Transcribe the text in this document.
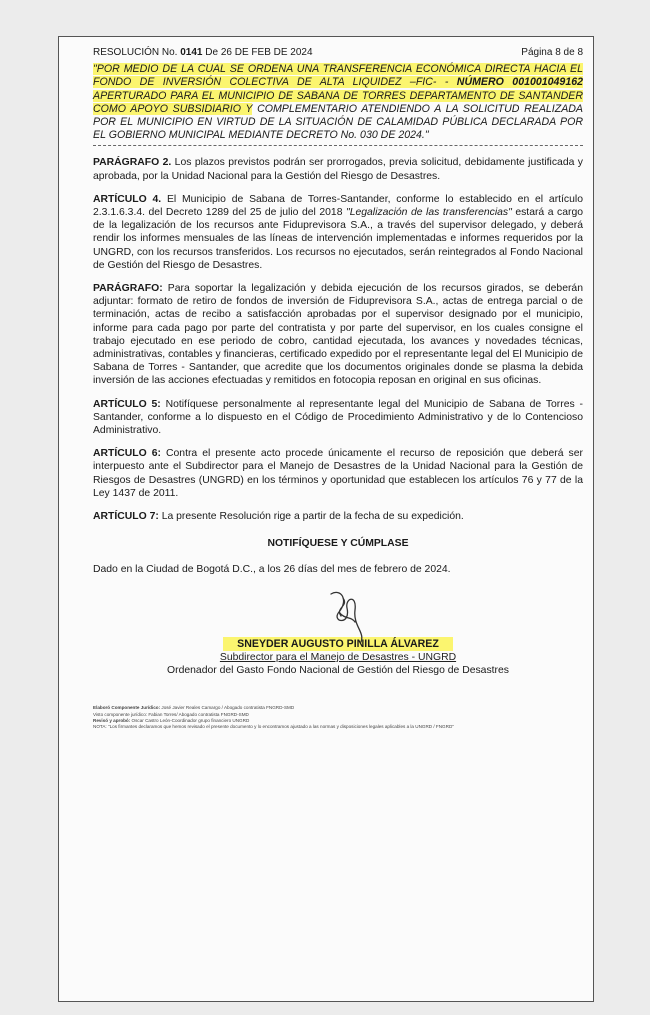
RESOLUCIÓN No. 0141 De 26 DE FEB DE 2024	Página 8 de 8
"POR MEDIO DE LA CUAL SE ORDENA UNA TRANSFERENCIA ECONÓMICA DIRECTA HACIA EL FONDO DE INVERSIÓN COLECTIVA DE ALTA LIQUIDEZ –FIC- - NÚMERO 001001049162 APERTURADO PARA EL MUNICIPIO DE SABANA DE TORRES DEPARTAMENTO DE SANTANDER COMO APOYO SUBSIDIARIO Y COMPLEMENTARIO ATENDIENDO A LA SOLICITUD REALIZADA POR EL MUNICIPIO EN VIRTUD DE LA SITUACIÓN DE CALAMIDAD PÚBLICA DECLARADA POR EL GOBIERNO MUNICIPAL MEDIANTE DECRETO No. 030 DE 2024."

PARÁGRAFO 2. Los plazos previstos podrán ser prorrogados, previa solicitud, debidamente justificada y aprobada, por la Unidad Nacional para la Gestión del Riesgo de Desastres.

ARTÍCULO 4. El Municipio de Sabana de Torres-Santander, conforme lo establecido en el artículo 2.3.1.6.3.4. del Decreto 1289 del 25 de julio del 2018 "Legalización de las transferencias" estará a cargo de la legalización de los recursos ante Fiduprevisora S.A., a través del supervisor delegado, y deberá rendir los informes mensuales de las líneas de intervención implementadas e informes requeridos por la UNGRD, con los recursos transferidos. Los recursos no ejecutados, serán reintegrados al Fondo Nacional de Gestión del Riesgo de Desastres.

PARÁGRAFO: Para soportar la legalización y debida ejecución de los recursos girados, se deberán adjuntar: formato de retiro de fondos de inversión de Fiduprevisora S.A., actas de entrega parcial o de terminación, actas de recibo a satisfacción aprobadas por el supervisor designado por el municipio, informe para cada pago por parte del contratista y por parte del supervisor, en los cuales consigne el trabajo ejecutado en ese periodo de cobro, cantidad ejecutada, los avances y novedades técnicas, administrativas, contables y financieras, certificado expedido por el representante legal del El Municipio de Sabana de Torres - Santander, que acredite que los documentos originales donde se plasma la debida inversión de las acciones efectuadas y remitidos en fotocopia reposan en original en sus oficinas.

ARTÍCULO 5: Notifíquese personalmente al representante legal del Municipio de Sabana de Torres -Santander, conforme a lo dispuesto en el Código de Procedimiento Administrativo y de lo Contencioso Administrativo.

ARTÍCULO 6: Contra el presente acto procede únicamente el recurso de reposición que deberá ser interpuesto ante el Subdirector para el Manejo de Desastres de la Unidad Nacional para la Gestión de Riesgos de Desastres (UNGRD) en los términos y oportunidad que establecen los artículos 76 y 77 de la Ley 1437 de 2011.

ARTÍCULO 7: La presente Resolución rige a partir de la fecha de su expedición.

NOTIFÍQUESE Y CÚMPLASE

Dado en la Ciudad de Bogotá D.C., a los 26 días del mes de febrero de 2024.

SNEYDER AUGUSTO PINILLA ÁLVAREZ
Subdirector para el Manejo de Desastres - UNGRD
Ordenador del Gasto Fondo Nacional de Gestión del Riesgo de Desastres
Elaboró Componente Jurídico: José Javier Reales Camargo / Abogado contratista FNGRD-SMD
Visto componente jurídico: Fabian Torres/ Abogado contratista FNGRD-SMD
Revisó y aprobó: Oscar Castro León-Coordinador grupo financiero UNGRD
NOTA: "Los firmantes declaramos que hemos revisado el presente documento y lo encontramos ajustado a las normas y disposiciones legales aplicables a la UNGRD / FNGRD"
